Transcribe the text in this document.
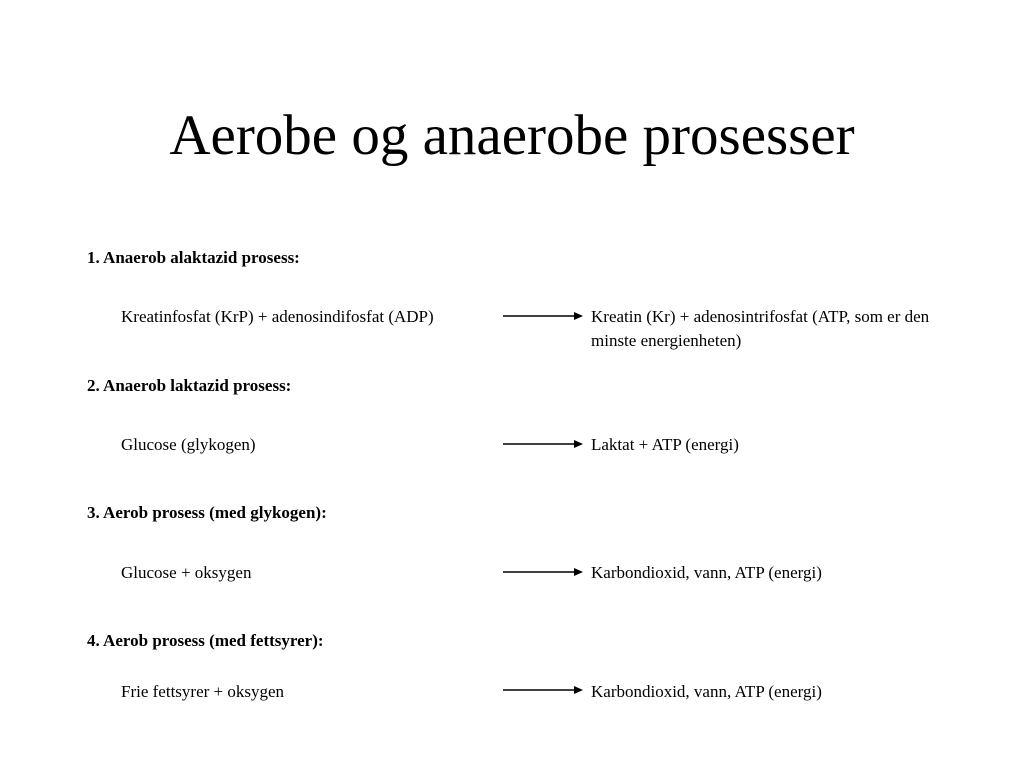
Aerobe og anaerobe prosesser
1. Anaerob alaktazid prosess:
Kreatinfosfat (KrP) + adenosindifosfat (ADP)	Kreatin (Kr) + adenosintrifosfat (ATP, som er den minste energienheten)
2. Anaerob laktazid prosess:
Glucose (glykogen)	Laktat + ATP (energi)
3. Aerob prosess (med glykogen):
Glucose + oksygen	Karbondioxid, vann, ATP (energi)
4. Aerob prosess (med fettsyrer):
Frie fettsyrer + oksygen	Karbondioxid, vann, ATP (energi)
